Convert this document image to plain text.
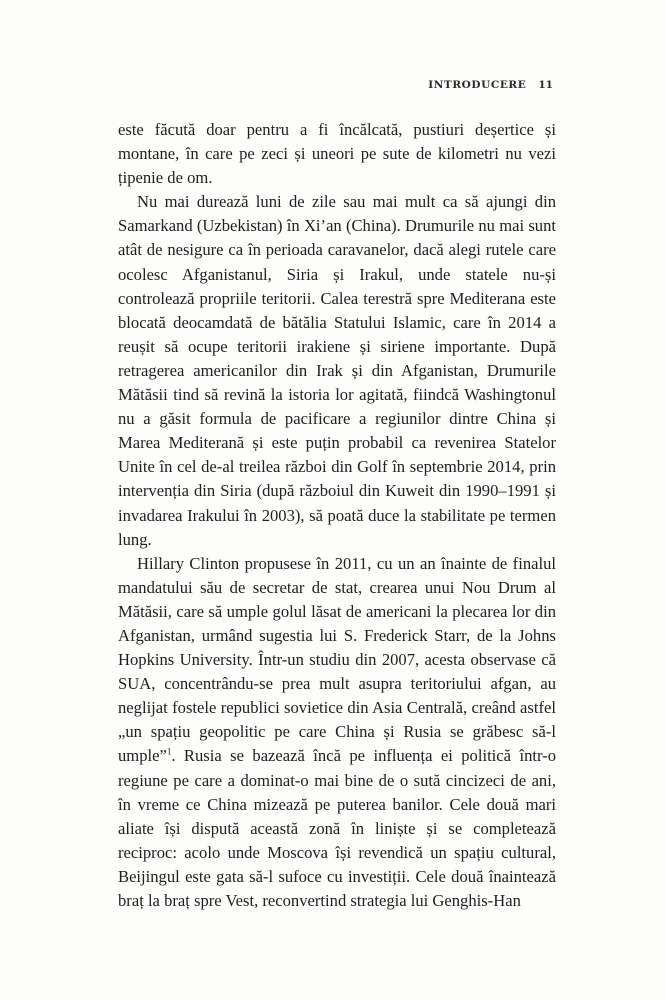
INTRODUCERE 11

este făcută doar pentru a fi încălcată, pustiuri deșertice și montane, în care pe zeci și uneori pe sute de kilometri nu vezi țipenie de om.

Nu mai durează luni de zile sau mai mult ca să ajungi din Samarkand (Uzbekistan) în Xi’an (China). Drumurile nu mai sunt atât de nesigure ca în perioada caravanelor, dacă alegi rutele care ocolesc Afganistanul, Siria și Irakul, unde statele nu-și controlează propriile teritorii. Calea terestră spre Mediterana este blocată deocamdată de bătălia Statului Islamic, care în 2014 a reușit să ocupe teritorii irakiene și siriene importante. După retragerea americanilor din Irak și din Afganistan, Drumurile Mătăsii tind să revină la istoria lor agitată, fiindcă Washingtonul nu a găsit formula de pacificare a regiunilor dintre China și Marea Mediterană și este puțin probabil ca revenirea Statelor Unite în cel de-al treilea război din Golf în septembrie 2014, prin intervenția din Siria (după războiul din Kuweit din 1990–1991 și invadarea Irakului în 2003), să poată duce la stabilitate pe termen lung.

Hillary Clinton propusese în 2011, cu un an înainte de finalul mandatului său de secretar de stat, crearea unui Nou Drum al Mătăsii, care să umple golul lăsat de americani la plecarea lor din Afganistan, urmând sugestia lui S. Frederick Starr, de la Johns Hopkins University. Într-un studiu din 2007, acesta observase că SUA, concentrându-se prea mult asupra teritoriului afgan, au neglijat fostele republici sovietice din Asia Centrală, creând astfel „un spațiu geopolitic pe care China și Rusia se grăbesc să-l umple”$^1$. Rusia se bazează încă pe influența ei politică într-o regiune pe care a dominat-o mai bine de o sută cincizeci de ani, în vreme ce China mizează pe puterea banilor. Cele două mari aliate își dispută această zonă în liniște și se completează reciproc: acolo unde Moscova își revendică un spațiu cultural, Beijingul este gata să-l sufoce cu investiții. Cele două înaintează braț la braț spre Vest, reconvertind strategia lui Genghis-Han
